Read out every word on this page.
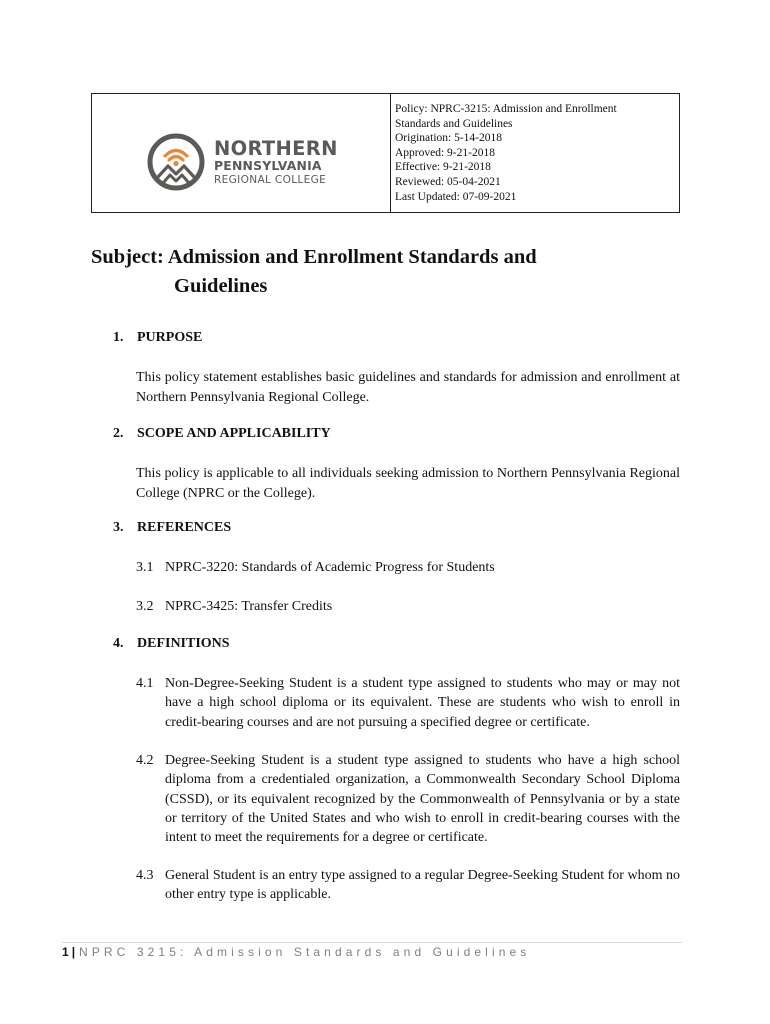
NORTHERN
PENNSYLVANIA
REGIONAL COLLEGE
Policy: NPRC-3215: Admission and Enrollment
Standards and Guidelines
Origination: 5-14-2018
Approved: 9-21-2018
Effective: 9-21-2018
Reviewed: 05-04-2021
Last Updated: 07-09-2021
Subject: Admission and Enrollment Standards and
Guidelines
1. PURPOSE
This policy statement establishes basic guidelines and standards for admission and enrollment at Northern Pennsylvania Regional College.
2. SCOPE AND APPLICABILITY
This policy is applicable to all individuals seeking admission to Northern Pennsylvania Regional College (NPRC or the College).
3. REFERENCES
3.1 NPRC-3220: Standards of Academic Progress for Students
3.2 NPRC-3425: Transfer Credits
4. DEFINITIONS
4.1 Non-Degree-Seeking Student is a student type assigned to students who may or may not have a high school diploma or its equivalent. These are students who wish to enroll in credit-bearing courses and are not pursuing a specified degree or certificate.
4.2 Degree-Seeking Student is a student type assigned to students who have a high school diploma from a credentialed organization, a Commonwealth Secondary School Diploma (CSSD), or its equivalent recognized by the Commonwealth of Pennsylvania or by a state or territory of the United States and who wish to enroll in credit-bearing courses with the intent to meet the requirements for a degree or certificate.
4.3 General Student is an entry type assigned to a regular Degree-Seeking Student for whom no other entry type is applicable.
1 | NPRC 3215: Admission Standards and Guidelines
